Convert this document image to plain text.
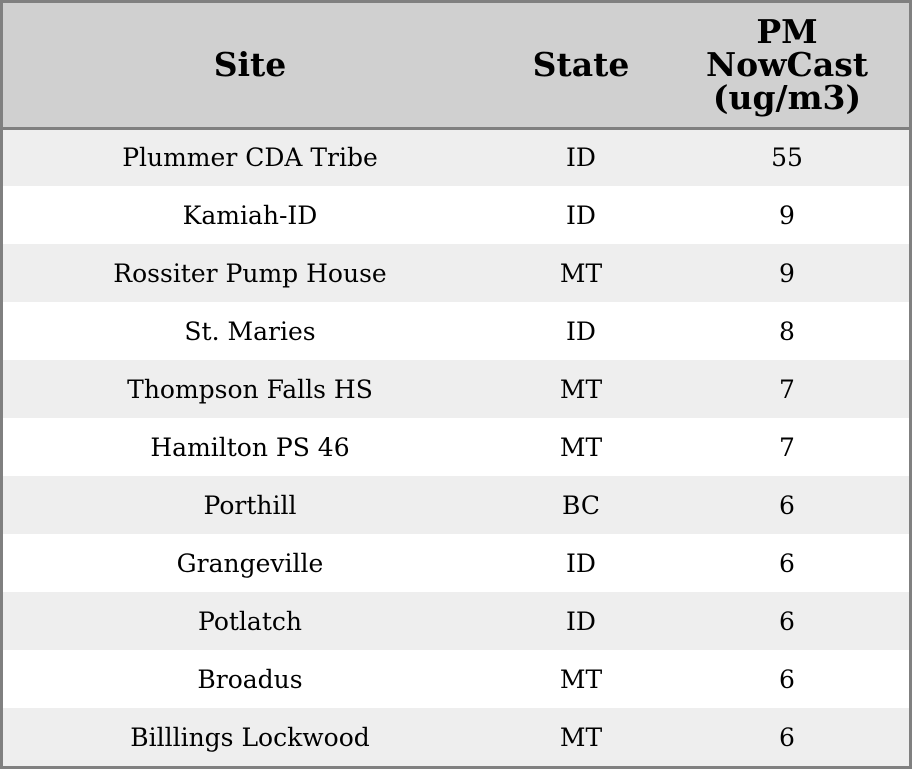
Site	State	PM
NowCast
(ug/m3)
Plummer CDA Tribe	ID	55
Kamiah-ID	ID	9
Rossiter Pump House	MT	9
St. Maries	ID	8
Thompson Falls HS	MT	7
Hamilton PS 46	MT	7
Porthill	BC	6
Grangeville	ID	6
Potlatch	ID	6
Broadus	MT	6
Billlings Lockwood	MT	6
